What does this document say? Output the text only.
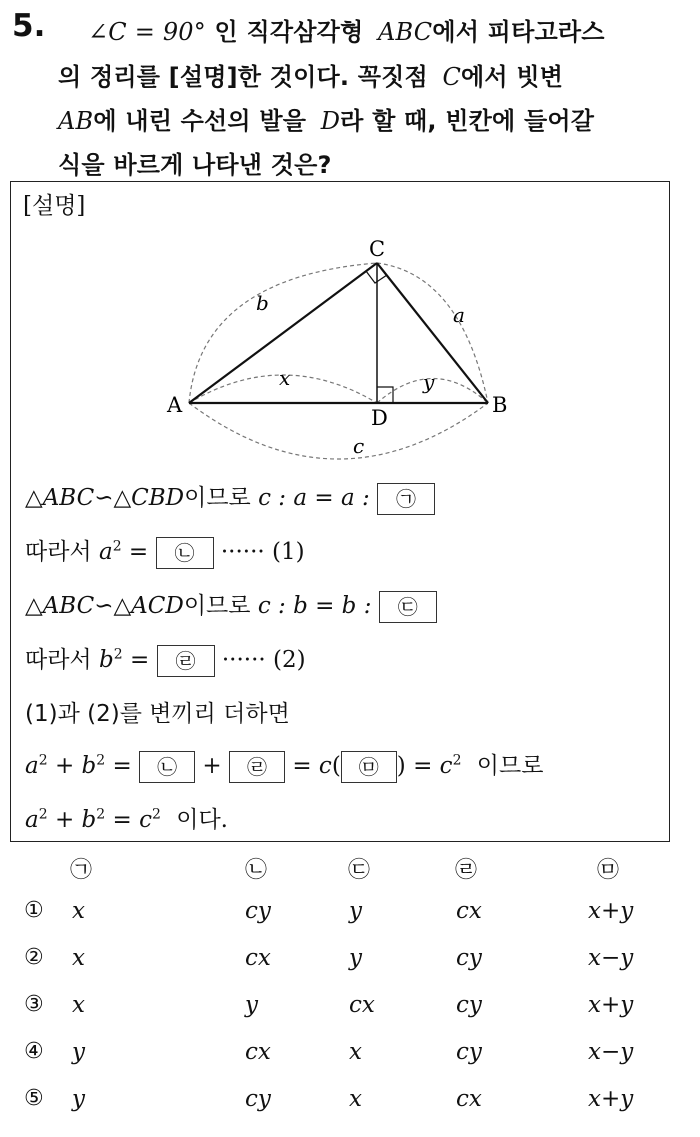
5. ∠C = 90° 인 직각삼각형 ABC에서 피타고라스
의 정리를 [설명]한 것이다. 꼭짓점 C에서 빗변
AB에 내린 수선의 발을 D라 할 때, 빈칸에 들어갈
식을 바르게 나타낸 것은?
[설명]
C
A	B
D
b	a
x	y
c
△ABC∽△CBD이므로 c : a = a : ㉠
따라서 $a^2$ = ㉡ ······ (1)
△ABC∽△ACD이므로 c : b = b : ㉢
따라서 $b^2$ = ㉣ ······ (2)
(1)과 (2)를 변끼리 더하면
$a^2 + b^2$ = ㉡ + ㉣ = c( ㉤ ) = $c^2$ 이므로
$a^2 + b^2 = c^2$ 이다.
㉠	㉡	㉢	㉣	㉤
① x	cy	y	cx	x+y
② x	cx	y	cy	x−y
③ x	y	cx	cy	x+y
④ y	cx	x	cy	x−y
⑤ y	cy	x	cx	x+y
